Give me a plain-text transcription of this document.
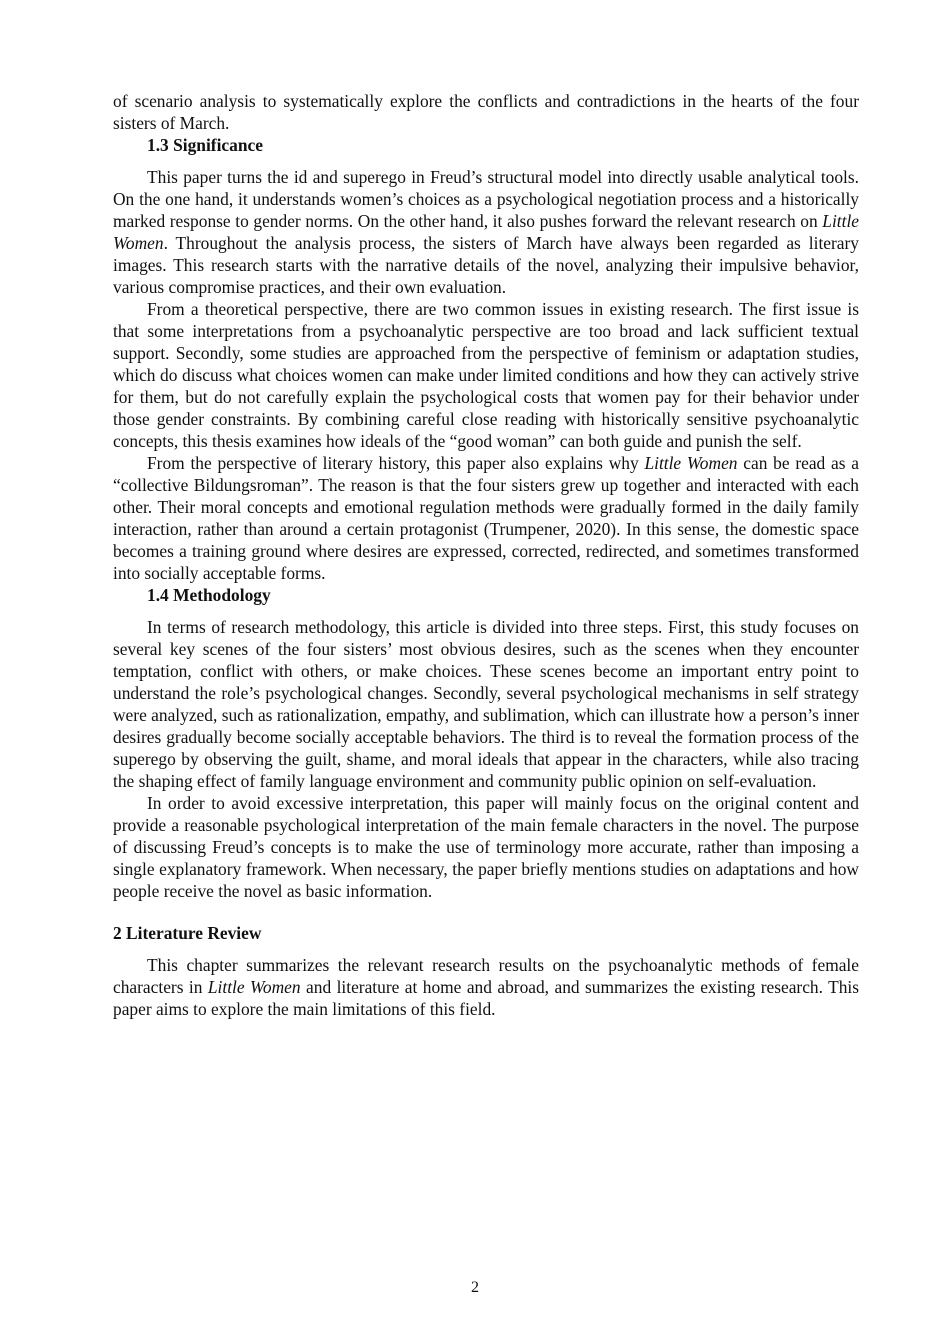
of scenario analysis to systematically explore the conflicts and contradictions in the hearts of the four sisters of March.

1.3 Significance

This paper turns the id and superego in Freud’s structural model into directly usable analytical tools. On the one hand, it understands women’s choices as a psychological negotiation process and a historically marked response to gender norms. On the other hand, it also pushes forward the relevant research on Little Women. Throughout the analysis process, the sisters of March have always been regarded as literary images. This research starts with the narrative details of the novel, analyzing their impulsive behavior, various compromise practices, and their own evaluation.

From a theoretical perspective, there are two common issues in existing research. The first issue is that some interpretations from a psychoanalytic perspective are too broad and lack sufficient textual support. Secondly, some studies are approached from the perspective of feminism or adaptation studies, which do discuss what choices women can make under limited conditions and how they can actively strive for them, but do not carefully explain the psychological costs that women pay for their behavior under those gender constraints. By combining careful close reading with historically sensitive psychoanalytic concepts, this thesis examines how ideals of the “good woman” can both guide and punish the self.

From the perspective of literary history, this paper also explains why Little Women can be read as a “collective Bildungsroman”. The reason is that the four sisters grew up together and interacted with each other. Their moral concepts and emotional regulation methods were gradually formed in the daily family interaction, rather than around a certain protagonist (Trumpener, 2020). In this sense, the domestic space becomes a training ground where desires are expressed, corrected, redirected, and sometimes transformed into socially acceptable forms.

1.4 Methodology

In terms of research methodology, this article is divided into three steps. First, this study focuses on several key scenes of the four sisters’ most obvious desires, such as the scenes when they encounter temptation, conflict with others, or make choices. These scenes become an important entry point to understand the role’s psychological changes. Secondly, several psychological mechanisms in self strategy were analyzed, such as rationalization, empathy, and sublimation, which can illustrate how a person’s inner desires gradually become socially acceptable behaviors. The third is to reveal the formation process of the superego by observing the guilt, shame, and moral ideals that appear in the characters, while also tracing the shaping effect of family language environment and community public opinion on self-evaluation.

In order to avoid excessive interpretation, this paper will mainly focus on the original content and provide a reasonable psychological interpretation of the main female characters in the novel. The purpose of discussing Freud’s concepts is to make the use of terminology more accurate, rather than imposing a single explanatory framework. When necessary, the paper briefly mentions studies on adaptations and how people receive the novel as basic information.

2 Literature Review

This chapter summarizes the relevant research results on the psychoanalytic methods of female characters in Little Women and literature at home and abroad, and summarizes the existing research. This paper aims to explore the main limitations of this field.

2
